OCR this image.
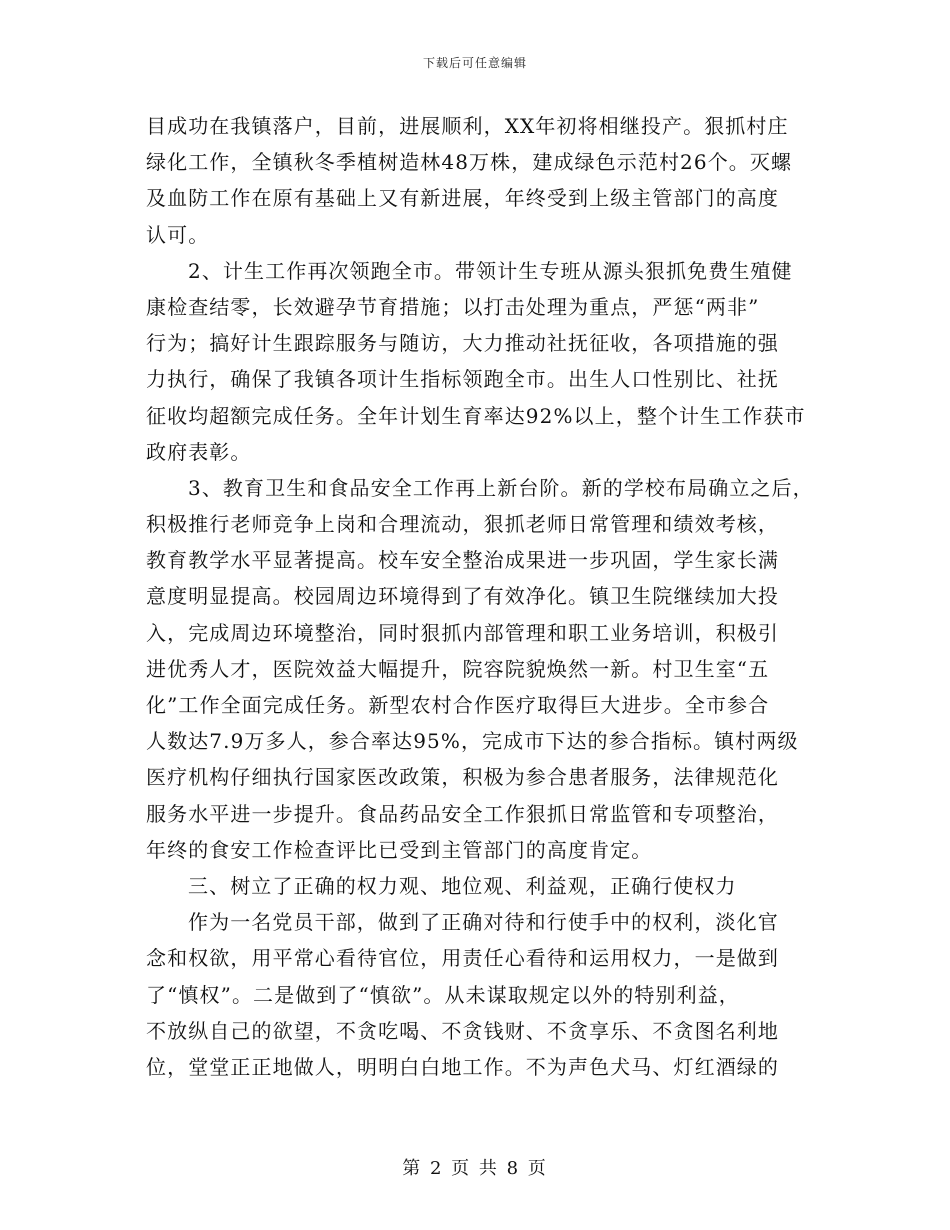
下载后可任意编辑
目成功在我镇落户，目前，进展顺利，XX年初将相继投产。狠抓村庄
绿化工作，全镇秋冬季植树造林48万株，建成绿色示范村26个。灭螺
及血防工作在原有基础上又有新进展，年终受到上级主管部门的高度
认可。
2、计生工作再次领跑全市。带领计生专班从源头狠抓免费生殖健
康检查结零，长效避孕节育措施；以打击处理为重点，严惩“两非”
行为；搞好计生跟踪服务与随访，大力推动社抚征收，各项措施的强
力执行，确保了我镇各项计生指标领跑全市。出生人口性别比、社抚
征收均超额完成任务。全年计划生育率达92%以上，整个计生工作获市
政府表彰。
3、教育卫生和食品安全工作再上新台阶。新的学校布局确立之后，
积极推行老师竞争上岗和合理流动，狠抓老师日常管理和绩效考核，
教育教学水平显著提高。校车安全整治成果进一步巩固，学生家长满
意度明显提高。校园周边环境得到了有效净化。镇卫生院继续加大投
入，完成周边环境整治，同时狠抓内部管理和职工业务培训，积极引
进优秀人才，医院效益大幅提升，院容院貌焕然一新。村卫生室“五
化”工作全面完成任务。新型农村合作医疗取得巨大进步。全市参合
人数达7.9万多人，参合率达95%，完成市下达的参合指标。镇村两级
医疗机构仔细执行国家医改政策，积极为参合患者服务，法律规范化
服务水平进一步提升。食品药品安全工作狠抓日常监管和专项整治，
年终的食安工作检查评比已受到主管部门的高度肯定。
三、树立了正确的权力观、地位观、利益观，正确行使权力
作为一名党员干部，做到了正确对待和行使手中的权利，淡化官
念和权欲，用平常心看待官位，用责任心看待和运用权力，一是做到
了“慎权”。二是做到了“慎欲”。从未谋取规定以外的特别利益，
不放纵自己的欲望，不贪吃喝、不贪钱财、不贪享乐、不贪图名利地
位，堂堂正正地做人，明明白白地工作。不为声色犬马、灯红酒绿的
第 2 页 共 8 页
